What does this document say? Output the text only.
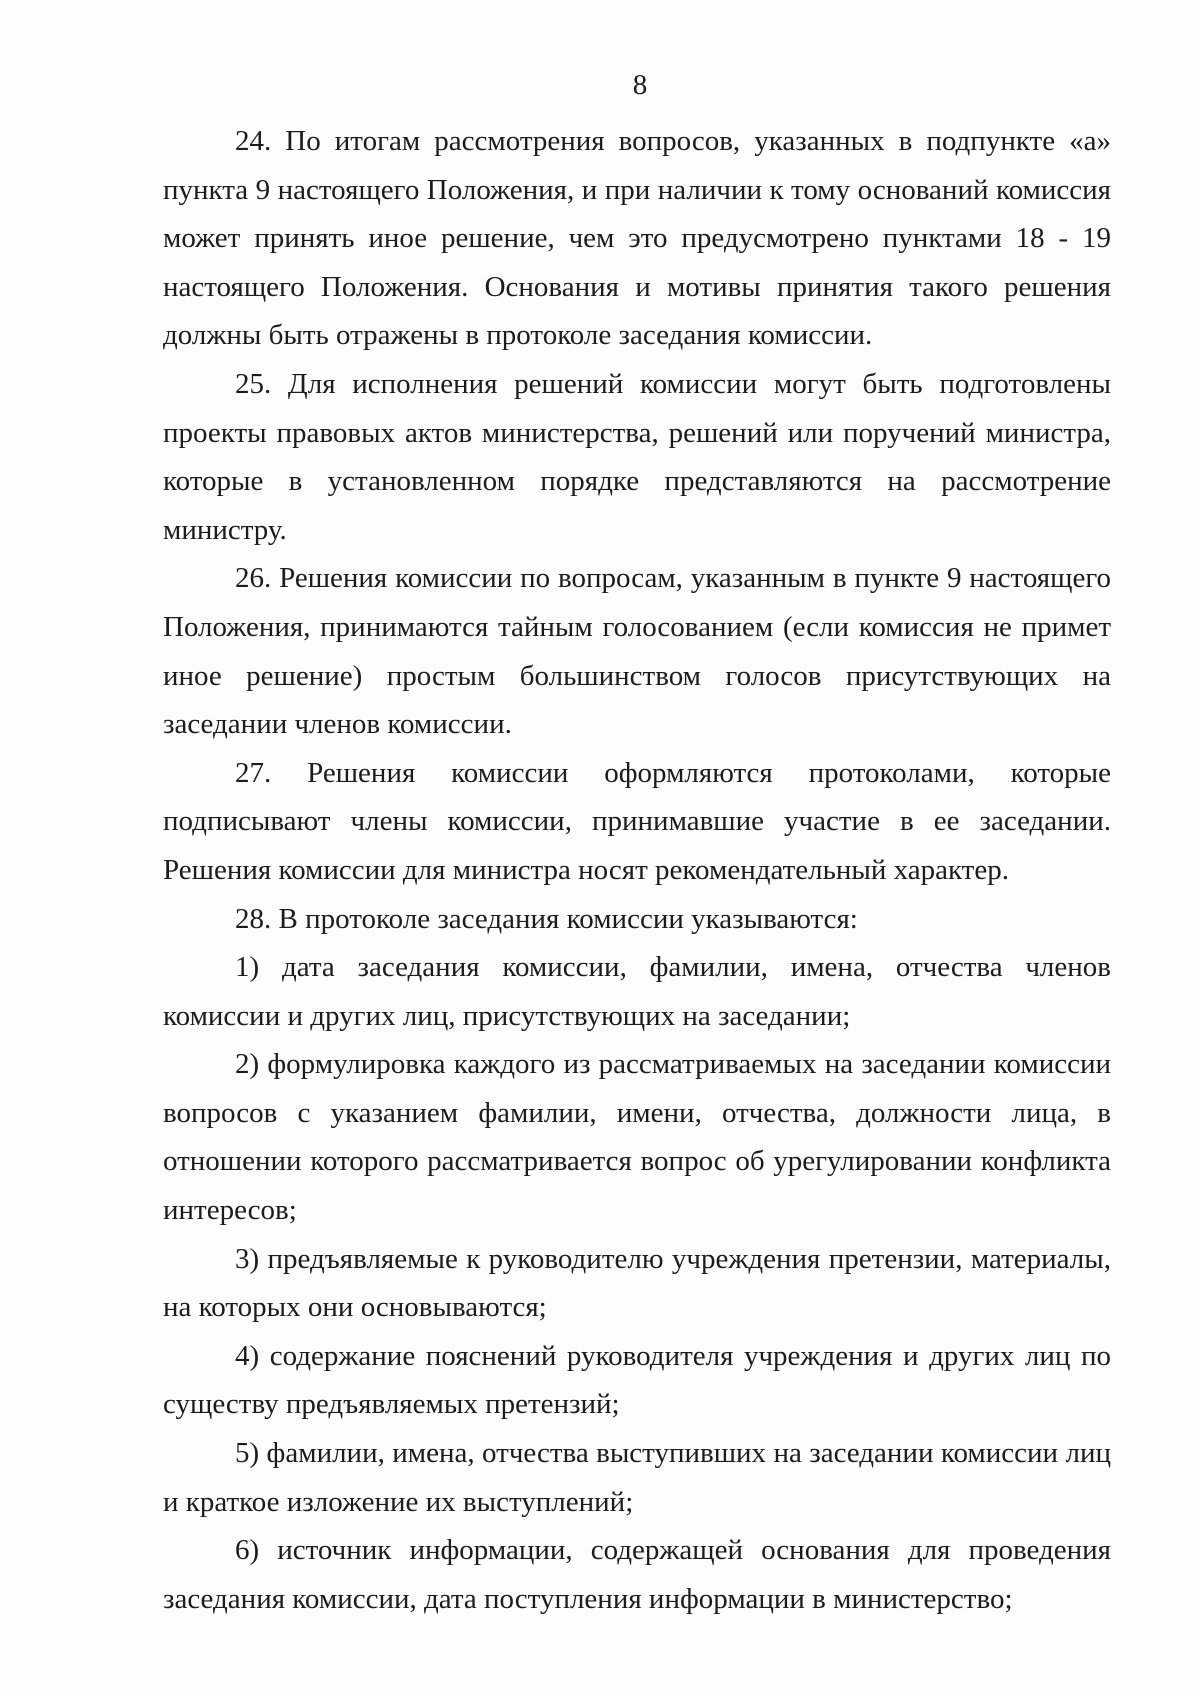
8

24. По итогам рассмотрения вопросов, указанных в подпункте «а» пункта 9 настоящего Положения, и при наличии к тому оснований комиссия может принять иное решение, чем это предусмотрено пунктами 18 - 19 настоящего Положения. Основания и мотивы принятия такого решения должны быть отражены в протоколе заседания комиссии.

25. Для исполнения решений комиссии могут быть подготовлены проекты правовых актов министерства, решений или поручений министра, которые в установленном порядке представляются на рассмотрение министру.

26. Решения комиссии по вопросам, указанным в пункте 9 настоящего Положения, принимаются тайным голосованием (если комиссия не примет иное решение) простым большинством голосов присутствующих на заседании членов комиссии.

27. Решения комиссии оформляются протоколами, которые подписывают члены комиссии, принимавшие участие в ее заседании. Решения комиссии для министра носят рекомендательный характер.

28. В протоколе заседания комиссии указываются:

1) дата заседания комиссии, фамилии, имена, отчества членов комиссии и других лиц, присутствующих на заседании;

2) формулировка каждого из рассматриваемых на заседании комиссии вопросов с указанием фамилии, имени, отчества, должности лица, в отношении которого рассматривается вопрос об урегулировании конфликта интересов;

3) предъявляемые к руководителю учреждения претензии, материалы, на которых они основываются;

4) содержание пояснений руководителя учреждения и других лиц по существу предъявляемых претензий;

5) фамилии, имена, отчества выступивших на заседании комиссии лиц и краткое изложение их выступлений;

6) источник информации, содержащей основания для проведения заседания комиссии, дата поступления информации в министерство;
